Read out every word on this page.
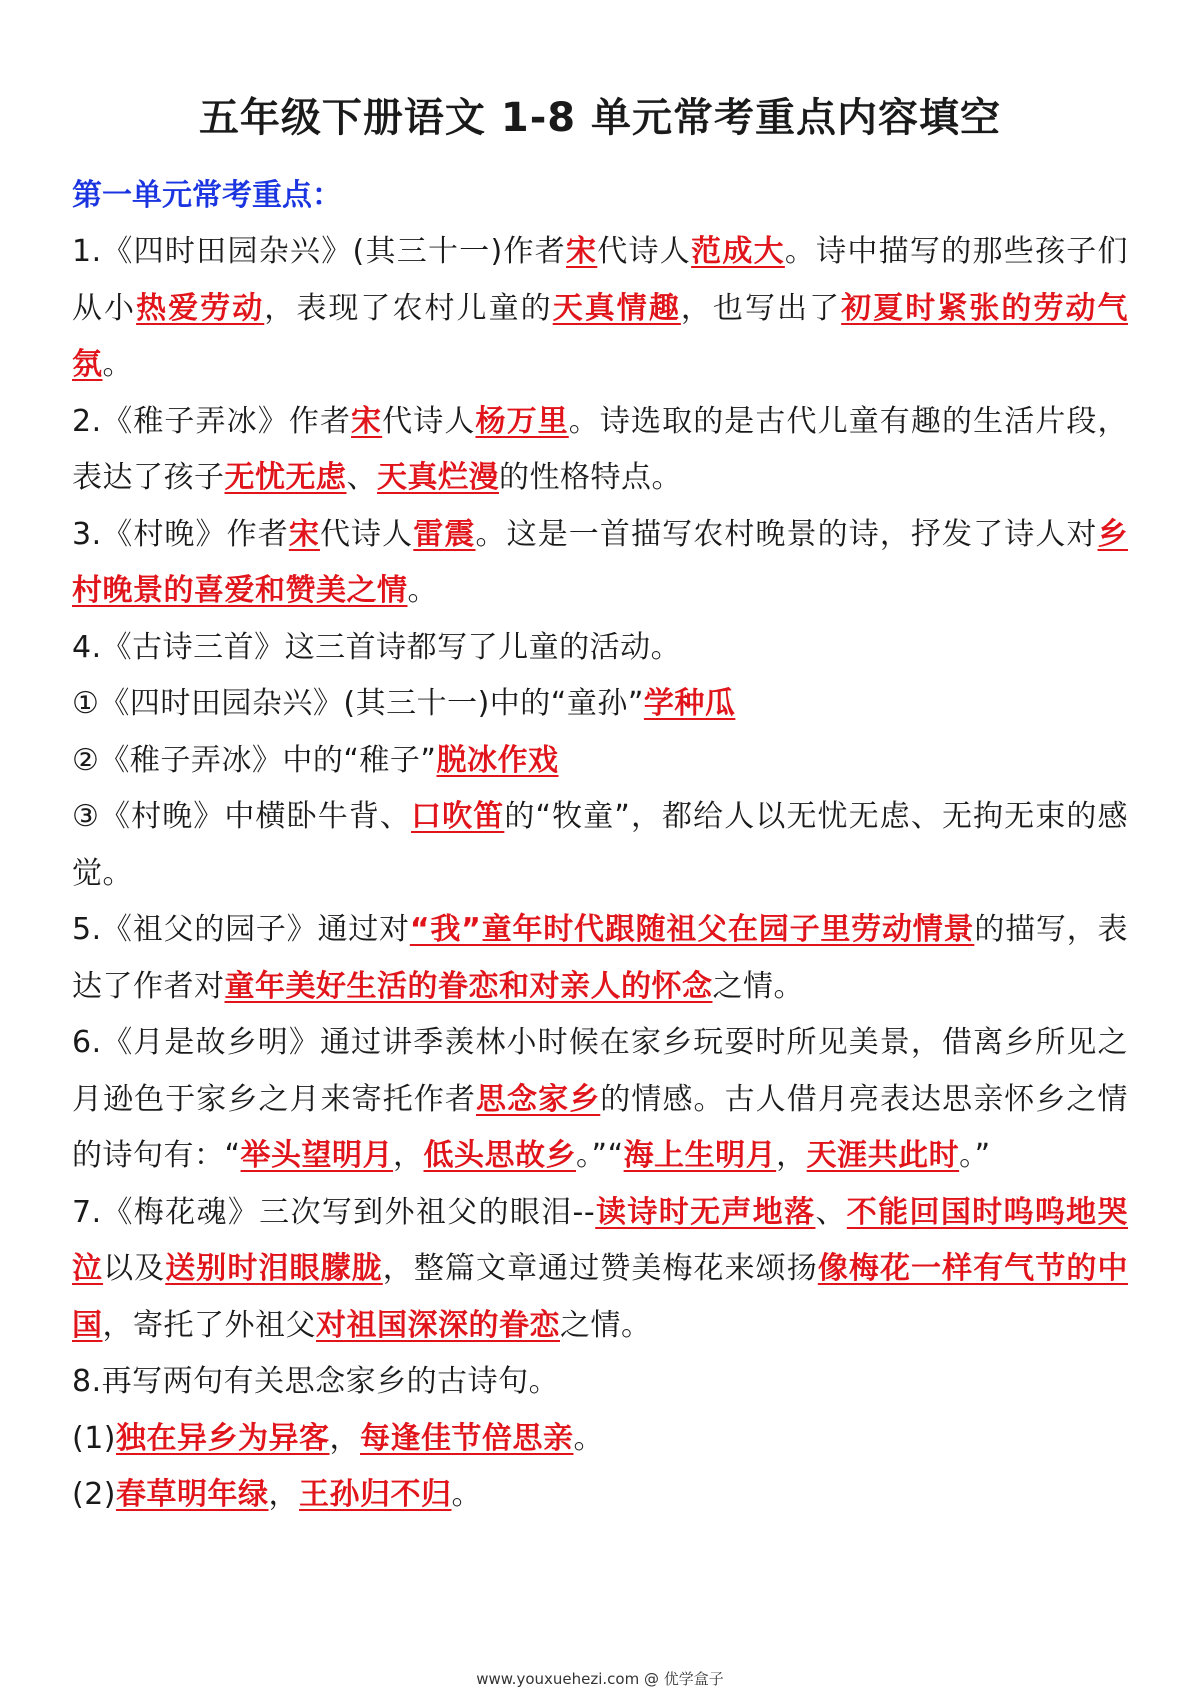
五年级下册语文 1-8 单元常考重点内容填空

第一单元常考重点：

1.《四时田园杂兴》(其三十一)作者宋代诗人范成大。诗中描写的那些孩子们从小热爱劳动，表现了农村儿童的天真情趣，也写出了初夏时紧张的劳动气氛。

2.《稚子弄冰》作者宋代诗人杨万里。诗选取的是古代儿童有趣的生活片段，表达了孩子无忧无虑、天真烂漫的性格特点。

3.《村晚》作者宋代诗人雷震。这是一首描写农村晚景的诗，抒发了诗人对乡村晚景的喜爱和赞美之情。

4.《古诗三首》这三首诗都写了儿童的活动。

①《四时田园杂兴》(其三十一)中的“童孙”学种瓜

②《稚子弄冰》中的“稚子”脱冰作戏

③《村晚》中横卧牛背、口吹笛的“牧童”，都给人以无忧无虑、无拘无束的感觉。

5.《祖父的园子》通过对“我”童年时代跟随祖父在园子里劳动情景的描写，表达了作者对童年美好生活的眷恋和对亲人的怀念之情。

6.《月是故乡明》通过讲季羡林小时候在家乡玩耍时所见美景，借离乡所见之月逊色于家乡之月来寄托作者思念家乡的情感。古人借月亮表达思亲怀乡之情的诗句有：“举头望明月，低头思故乡。”“海上生明月，天涯共此时。”

7.《梅花魂》三次写到外祖父的眼泪--读诗时无声地落、不能回国时呜呜地哭泣以及送别时泪眼朦胧，整篇文章通过赞美梅花来颂扬像梅花一样有气节的中国，寄托了外祖父对祖国深深的眷恋之情。

8.再写两句有关思念家乡的古诗句。

(1)独在异乡为异客，每逢佳节倍思亲。

(2)春草明年绿，王孙归不归。

www.youxuehezi.com @ 优学盒子
